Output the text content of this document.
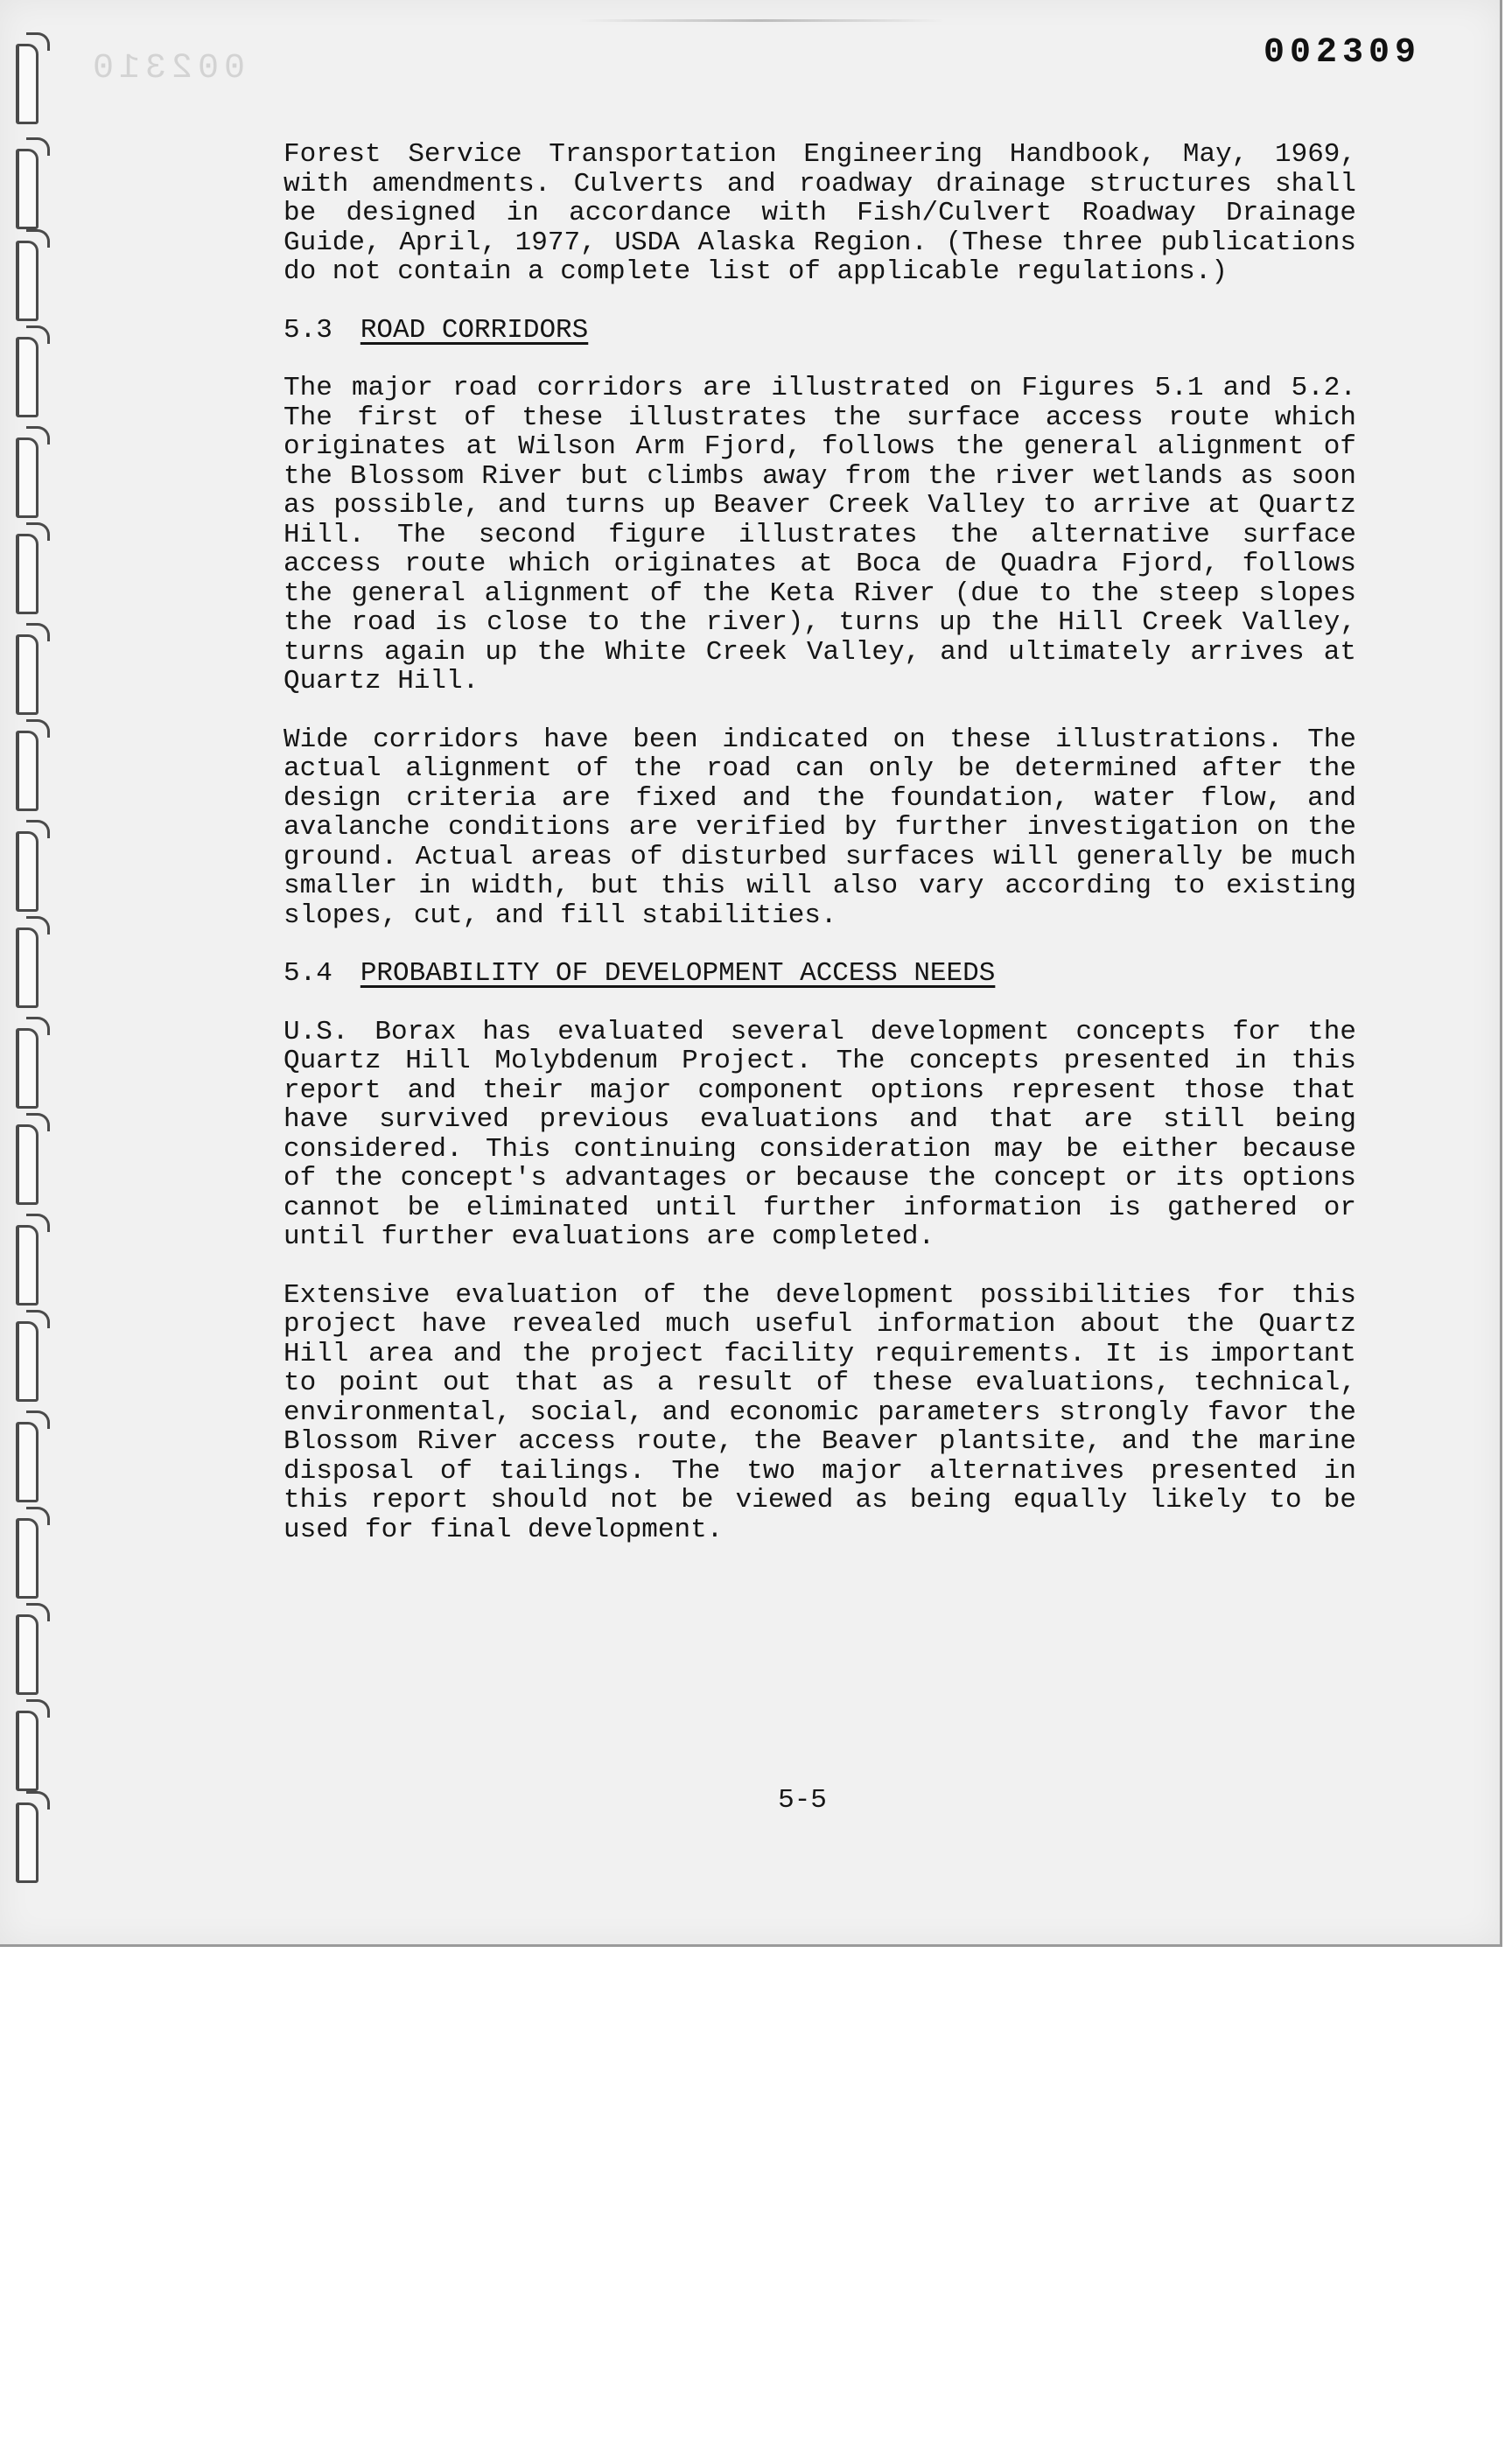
002310	002309

Forest Service Transportation Engineering Handbook, May, 1969, with amendments. Culverts and roadway drainage structures shall be designed in accordance with Fish/Culvert Roadway Drainage Guide, April, 1977, USDA Alaska Region. (These three publications do not contain a complete list of applicable regulations.)

5.3 ROAD CORRIDORS

The major road corridors are illustrated on Figures 5.1 and 5.2. The first of these illustrates the surface access route which originates at Wilson Arm Fjord, follows the general alignment of the Blossom River but climbs away from the river wetlands as soon as possible, and turns up Beaver Creek Valley to arrive at Quartz Hill. The second figure illustrates the alternative surface access route which originates at Boca de Quadra Fjord, follows the general alignment of the Keta River (due to the steep slopes the road is close to the river), turns up the Hill Creek Valley, turns again up the White Creek Valley, and ultimately arrives at Quartz Hill.

Wide corridors have been indicated on these illustrations. The actual alignment of the road can only be determined after the design criteria are fixed and the foundation, water flow, and avalanche conditions are verified by further investigation on the ground. Actual areas of disturbed surfaces will generally be much smaller in width, but this will also vary according to existing slopes, cut, and fill stabilities.

5.4 PROBABILITY OF DEVELOPMENT ACCESS NEEDS

U.S. Borax has evaluated several development concepts for the Quartz Hill Molybdenum Project. The concepts presented in this report and their major component options represent those that have survived previous evaluations and that are still being considered. This continuing consideration may be either because of the concept's advantages or because the concept or its options cannot be eliminated until further information is gathered or until further evaluations are completed.

Extensive evaluation of the development possibilities for this project have revealed much useful information about the Quartz Hill area and the project facility requirements. It is important to point out that as a result of these evaluations, technical, environmental, social, and economic parameters strongly favor the Blossom River access route, the Beaver plantsite, and the marine disposal of tailings. The two major alternatives presented in this report should not be viewed as being equally likely to be used for final development.

5-5
